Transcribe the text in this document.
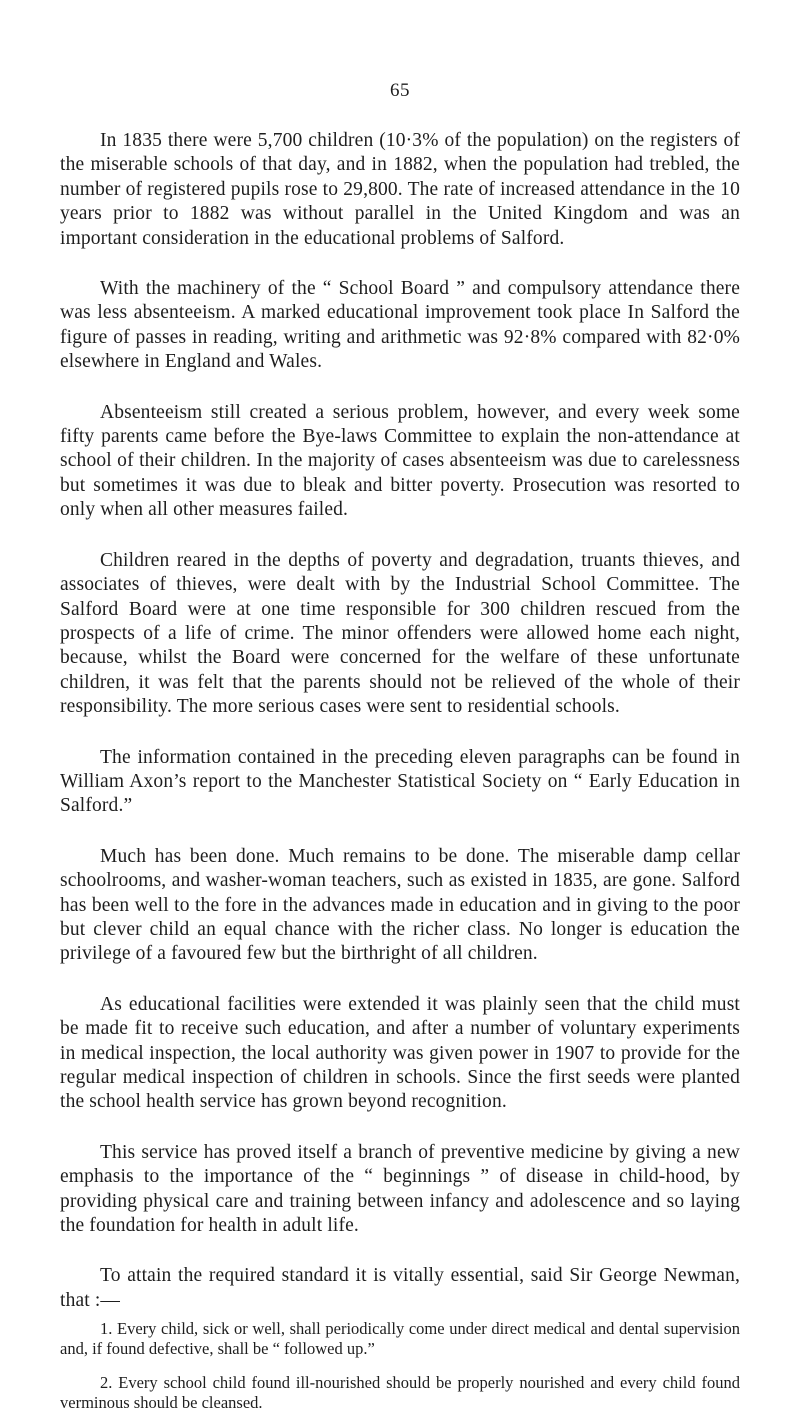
65

In 1835 there were 5,700 children (10·3% of the population) on the registers of the miserable schools of that day, and in 1882, when the population had trebled, the number of registered pupils rose to 29,800. The rate of increased attendance in the 10 years prior to 1882 was without parallel in the United Kingdom and was an important consideration in the educational problems of Salford.

With the machinery of the “ School Board ” and compulsory attendance there was less absenteeism. A marked educational improvement took place In Salford the figure of passes in reading, writing and arithmetic was 92·8% compared with 82·0% elsewhere in England and Wales.

Absenteeism still created a serious problem, however, and every week some fifty parents came before the Bye-laws Committee to explain the non-attendance at school of their children. In the majority of cases absenteeism was due to carelessness but sometimes it was due to bleak and bitter poverty. Prosecution was resorted to only when all other measures failed.

Children reared in the depths of poverty and degradation, truants thieves, and associates of thieves, were dealt with by the Industrial School Committee. The Salford Board were at one time responsible for 300 children rescued from the prospects of a life of crime. The minor offenders were allowed home each night, because, whilst the Board were concerned for the welfare of these unfortunate children, it was felt that the parents should not be relieved of the whole of their responsibility. The more serious cases were sent to residential schools.

The information contained in the preceding eleven paragraphs can be found in William Axon’s report to the Manchester Statistical Society on “ Early Education in Salford.”

Much has been done. Much remains to be done. The miserable damp cellar schoolrooms, and washer-woman teachers, such as existed in 1835, are gone. Salford has been well to the fore in the advances made in education and in giving to the poor but clever child an equal chance with the richer class. No longer is education the privilege of a favoured few but the birthright of all children.

As educational facilities were extended it was plainly seen that the child must be made fit to receive such education, and after a number of voluntary experiments in medical inspection, the local authority was given power in 1907 to provide for the regular medical inspection of children in schools. Since the first seeds were planted the school health service has grown beyond recognition.

This service has proved itself a branch of preventive medicine by giving a new emphasis to the importance of the “ beginnings ” of disease in child-hood, by providing physical care and training between infancy and adolescence and so laying the foundation for health in adult life.

To attain the required standard it is vitally essential, said Sir George Newman, that :—

1. Every child, sick or well, shall periodically come under direct medical and dental supervision and, if found defective, shall be “ followed up.”

2. Every school child found ill-nourished should be properly nourished and every child found verminous should be cleansed.
